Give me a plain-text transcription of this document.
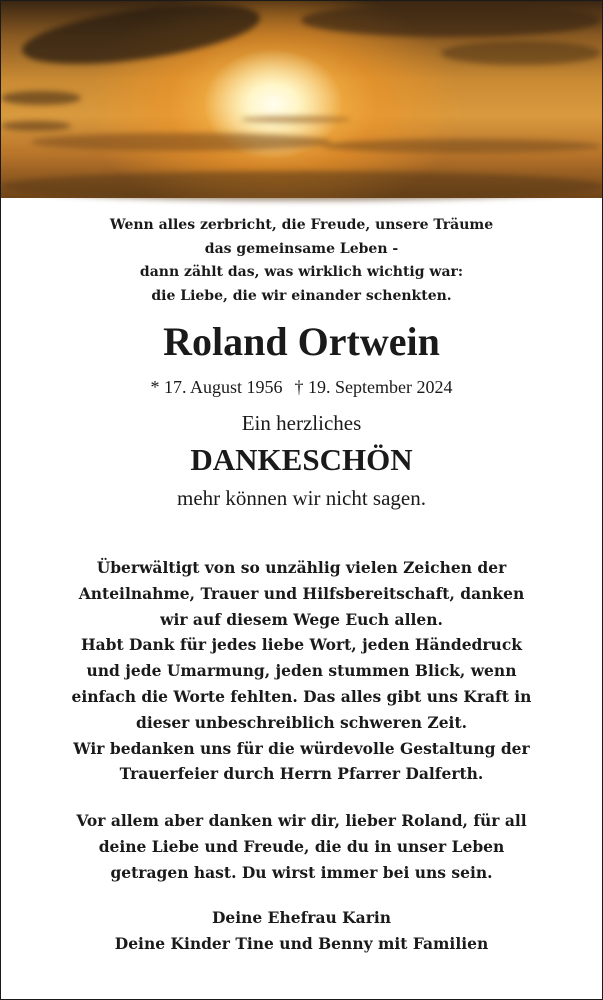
Wenn alles zerbricht, die Freude, unsere Träume
das gemeinsame Leben -
dann zählt das, was wirklich wichtig war:
die Liebe, die wir einander schenkten.
Roland Ortwein
* 17. August 1956 † 19. September 2024
Ein herzliches
DANKESCHÖN
mehr können wir nicht sagen.
Überwältigt von so unzählig vielen Zeichen der
Anteilnahme, Trauer und Hilfsbereitschaft, danken
wir auf diesem Wege Euch allen.
Habt Dank für jedes liebe Wort, jeden Händedruck
und jede Umarmung, jeden stummen Blick, wenn
einfach die Worte fehlten. Das alles gibt uns Kraft in
dieser unbeschreiblich schweren Zeit.
Wir bedanken uns für die würdevolle Gestaltung der
Trauerfeier durch Herrn Pfarrer Dalferth.
Vor allem aber danken wir dir, lieber Roland, für all
deine Liebe und Freude, die du in unser Leben
getragen hast. Du wirst immer bei uns sein.
Deine Ehefrau Karin
Deine Kinder Tine und Benny mit Familien
